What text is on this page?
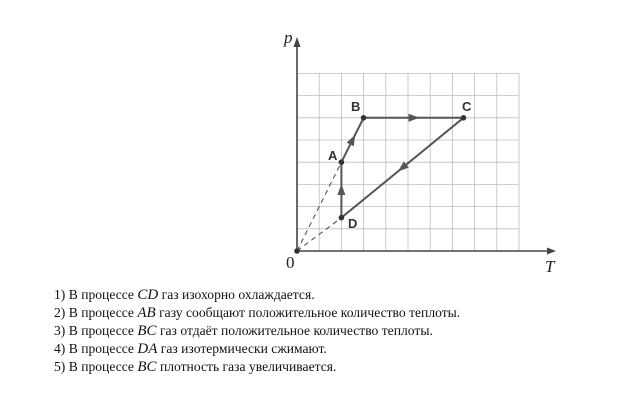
p
T
0
A
B	C
D
1) В процессе CD газ изохорно охлаждается.
2) В процессе AB газу сообщают положительное количество теплоты.
3) В процессе BC газ отдаёт положительное количество теплоты.
4) В процессе DA газ изотермически сжимают.
5) В процессе BC плотность газа увеличивается.
